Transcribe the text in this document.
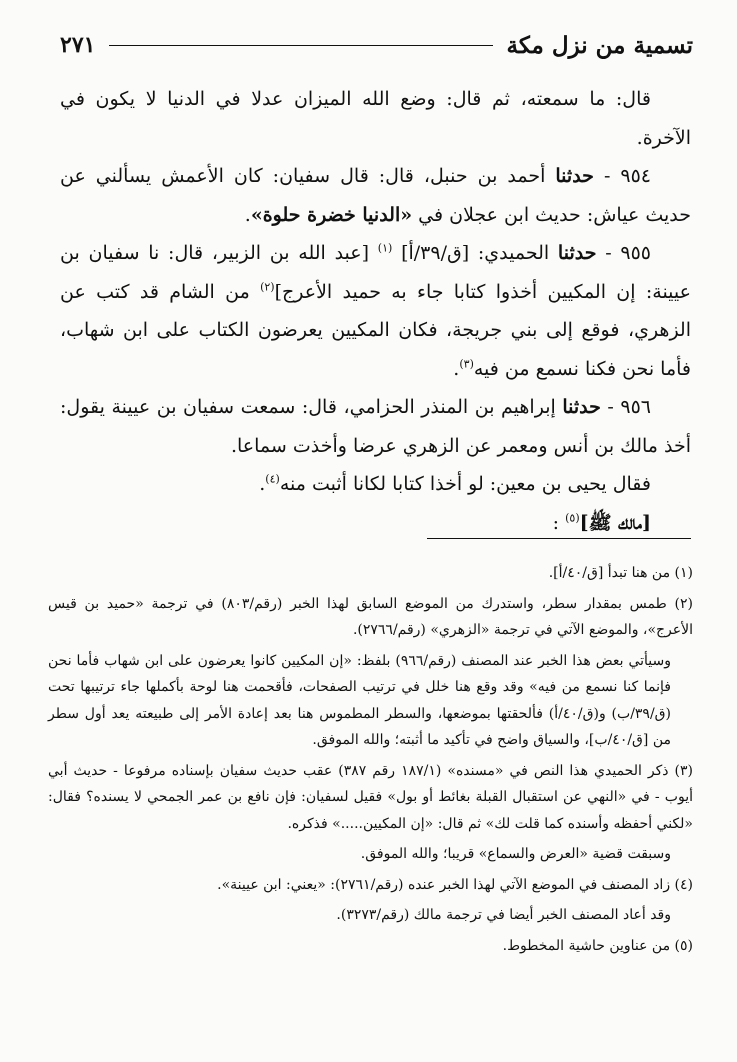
تسمية من نزل مكة
٢٧١

قال: ما سمعته، ثم قال: وضع الله الميزان عدلا في الدنيا لا يكون في الآخرة.

٩٥٤ - حدثنا أحمد بن حنبل، قال: قال سفيان: كان الأعمش يسألني عن حديث عياش: حديث ابن عجلان في «الدنيا خضرة حلوة».

٩٥٥ - حدثنا الحميدي: [ق/٣٩/أ] $^{(١)}$ [عبد الله بن الزبير، قال: نا سفيان بن عيينة: إن المكيين أخذوا كتابا جاء به حميد الأعرج]$^{(٢)}$ من الشام قد كتب عن الزهري، فوقع إلى بني جريجة، فكان المكيين يعرضون الكتاب على ابن شهاب، فأما نحن فكنا نسمع من فيه$^{(٣)}$.

٩٥٦ - حدثنا إبراهيم بن المنذر الحزامي، قال: سمعت سفيان بن عيينة يقول: أخذ مالك بن أنس ومعمر عن الزهري عرضا وأخذت سماعا.

فقال يحيى بن معين: لو أخذا كتابا لكانا أثبت منه$^{(٤)}$.

[مالك ﷺ]$^{(٥)}$ :

(١) من هنا تبدأ [ق/٤٠/أ].

(٢) طمس بمقدار سطر، واستدرك من الموضع السابق لهذا الخبر (رقم/٨٠٣) في ترجمة «حميد بن قيس الأعرج»، والموضع الآتي في ترجمة «الزهري» (رقم/٢٧٦٦).

وسيأتي بعض هذا الخبر عند المصنف (رقم/٩٦٦) بلفظ: «إن المكيين كانوا يعرضون على ابن شهاب فأما نحن فإنما كنا نسمع من فيه» وقد وقع هنا خلل في ترتيب الصفحات، فأقحمت هنا لوحة بأكملها جاء ترتيبها تحت (ق/٣٩/ب) و(ق/٤٠/أ) فألحقتها بموضعها، والسطر المطموس هنا بعد إعادة الأمر إلى طبيعته يعد أول سطر من [ق/٤٠/ب]، والسياق واضح في تأكيد ما أثبته؛ والله الموفق.

(٣) ذكر الحميدي هذا النص في «مسنده» (١٨٧/١ رقم ٣٨٧) عقب حديث سفيان بإسناده مرفوعا - حديث أبي أيوب - في «النهي عن استقبال القبلة بغائط أو بول» فقيل لسفيان: فإن نافع بن عمر الجمحي لا يسنده؟ فقال: «لكني أحفظه وأسنده كما قلت لك» ثم قال: «إن المكيين.....» فذكره.

وسبقت قضية «العرض والسماع» قريبا؛ والله الموفق.

(٤) زاد المصنف في الموضع الآتي لهذا الخبر عنده (رقم/٢٧٦١): «يعني: ابن عيينة».

وقد أعاد المصنف الخبر أيضا في ترجمة مالك (رقم/٣٢٧٣).

(٥) من عناوين حاشية المخطوط.
